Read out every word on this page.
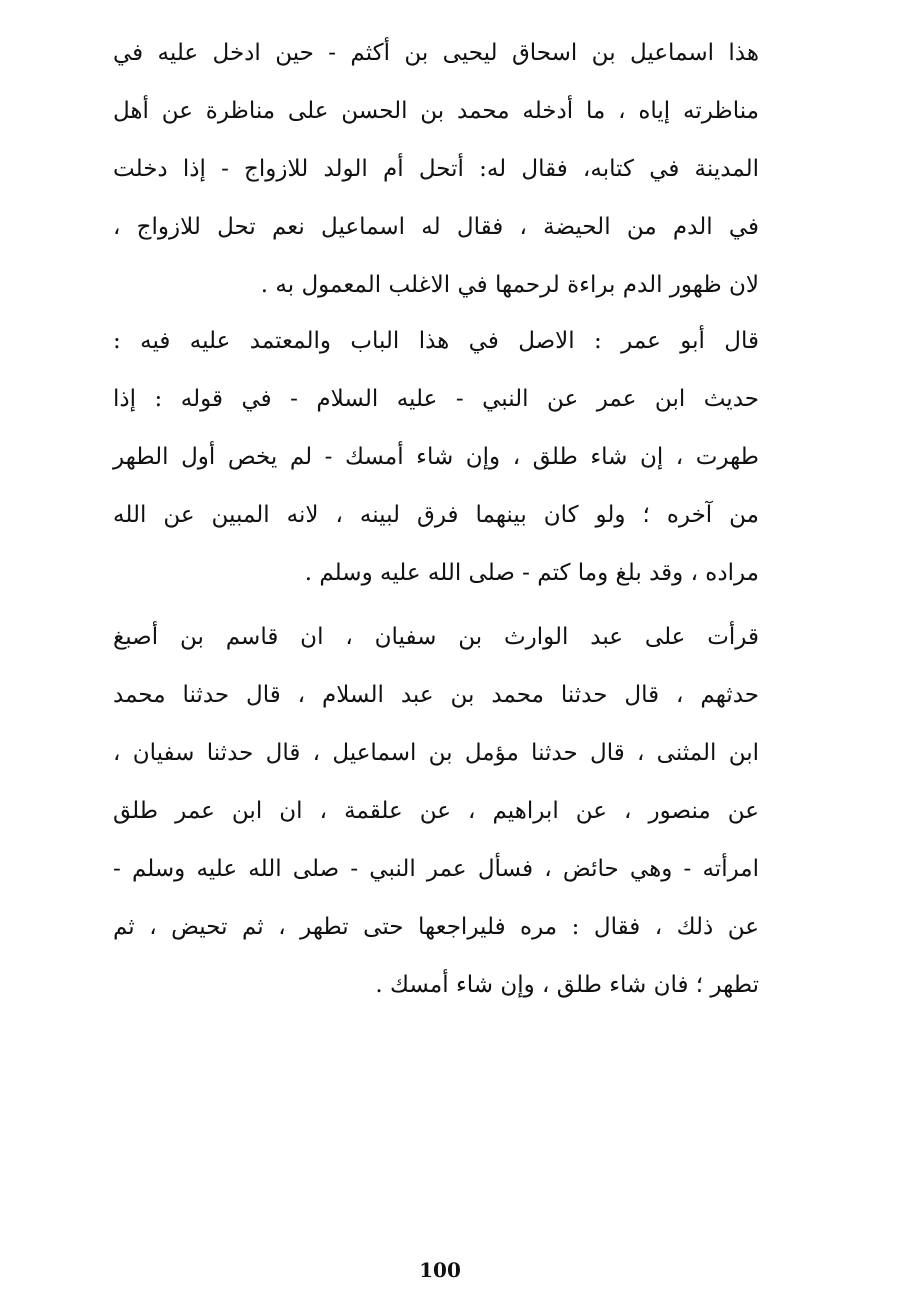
هذا اسماعيل بن اسحاق ليحيى بن أكثم - حين ادخل عليه في
مناظرته إياه ، ما أدخله محمد بن الحسن على مناظرة عن أهل
المدينة في كتابه، فقال له: أتحل أم الولد للازواج - إذا دخلت
في الدم من الحيضة ، فقال له اسماعيل نعم تحل للازواج ،
لان ظهور الدم براءة لرحمها في الاغلب المعمول به .
قال أبو عمر : الاصل في هذا الباب والمعتمد عليه فيه :
حديث ابن عمر عن النبي - عليه السلام - في قوله : إذا
طهرت ، إن شاء طلق ، وإن شاء أمسك - لم يخص أول الطهر
من آخره ؛ ولو كان بينهما فرق لبينه ، لانه المبين عن الله
مراده ، وقد بلغ وما كتم - صلى الله عليه وسلم .
قرأت على عبد الوارث بن سفيان ، ان قاسم بن أصبغ
حدثهم ، قال حدثنا محمد بن عبد السلام ، قال حدثنا محمد
ابن المثنى ، قال حدثنا مؤمل بن اسماعيل ، قال حدثنا سفيان ،
عن منصور ، عن ابراهيم ، عن علقمة ، ان ابن عمر طلق
امرأته - وهي حائض ، فسأل عمر النبي - صلى الله عليه وسلم -
عن ذلك ، فقال : مره فليراجعها حتى تطهر ، ثم تحيض ، ثم
تطهر ؛ فان شاء طلق ، وإن شاء أمسك .
100
